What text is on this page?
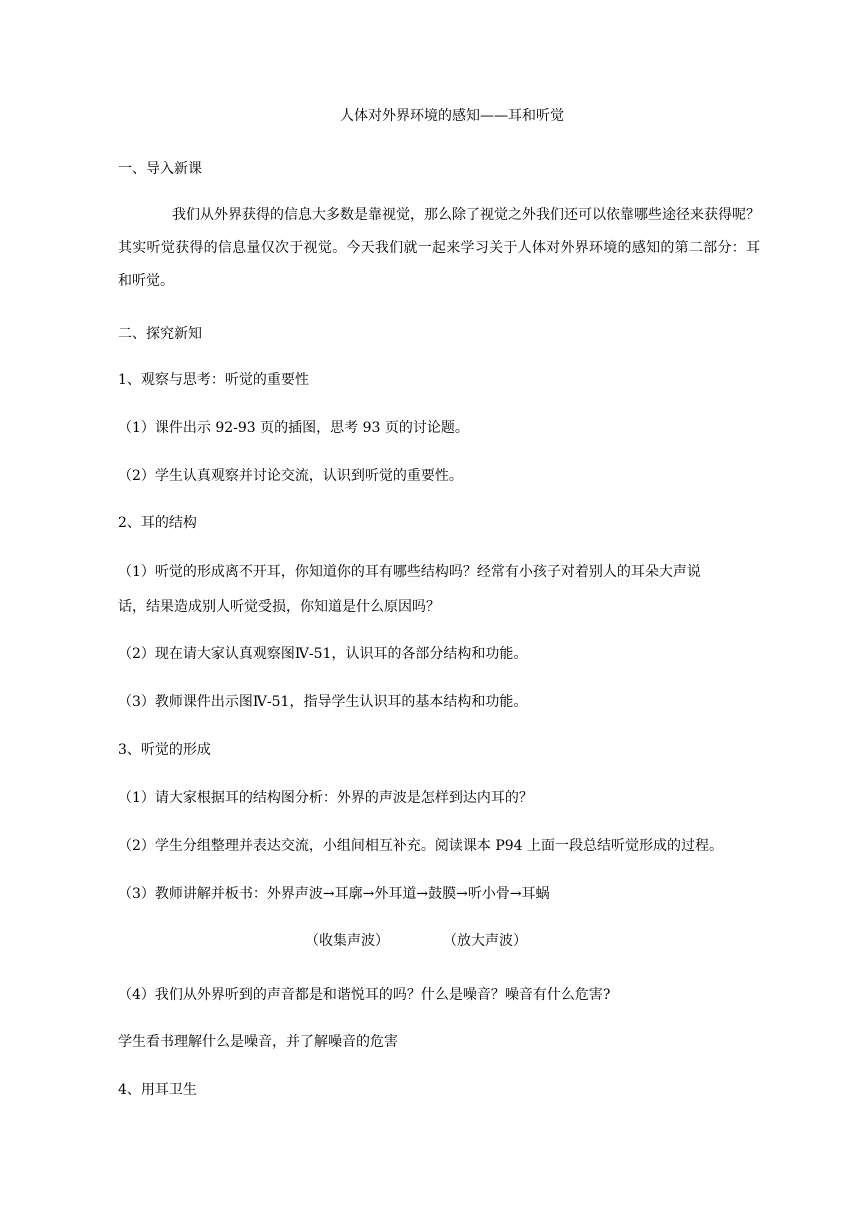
人体对外界环境的感知——耳和听觉
一、导入新课
我们从外界获得的信息大多数是靠视觉，那么除了视觉之外我们还可以依靠哪些途径来获得呢？其实听觉获得的信息量仅次于视觉。今天我们就一起来学习关于人体对外界环境的感知的第二部分：耳和听觉。
二、探究新知
1、观察与思考：听觉的重要性
（1）课件出示 92-93 页的插图，思考 93 页的讨论题。
（2）学生认真观察并讨论交流，认识到听觉的重要性。
2、耳的结构
（1）听觉的形成离不开耳，你知道你的耳有哪些结构吗？经常有小孩子对着别人的耳朵大声说
话，结果造成别人听觉受损，你知道是什么原因吗？
（2）现在请大家认真观察图Ⅳ-51，认识耳的各部分结构和功能。
（3）教师课件出示图Ⅳ-51，指导学生认识耳的基本结构和功能。
3、听觉的形成
（1）请大家根据耳的结构图分析：外界的声波是怎样到达内耳的？
（2）学生分组整理并表达交流，小组间相互补充。阅读课本 P94 上面一段总结听觉形成的过程。
（3）教师讲解并板书：外界声波→耳廓→外耳道→鼓膜→听小骨→耳蜗
（收集声波）	（放大声波）
（4）我们从外界听到的声音都是和谐悦耳的吗？什么是噪音？噪音有什么危害?
学生看书理解什么是噪音，并了解噪音的危害
4、用耳卫生
